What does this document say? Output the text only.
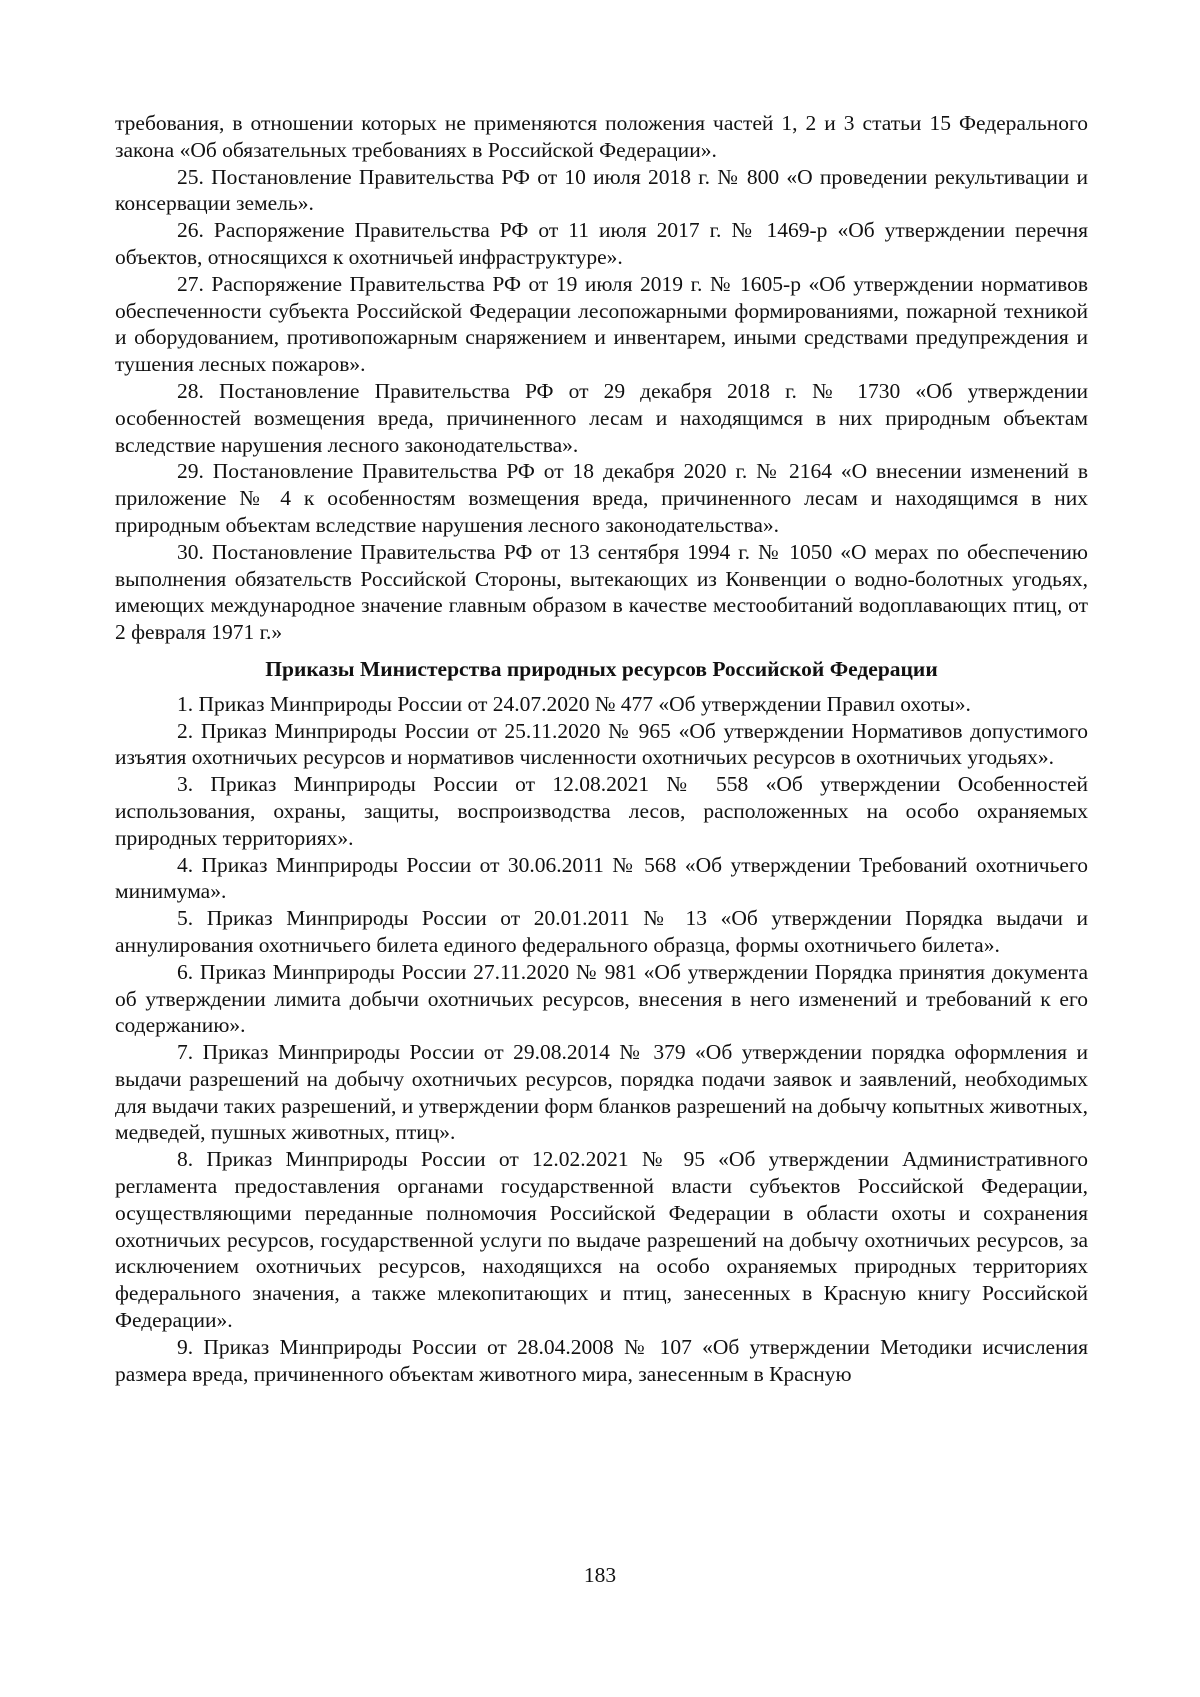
требования, в отношении которых не применяются положения частей 1, 2 и 3 статьи 15 Федерального закона «Об обязательных требованиях в Российской Федерации».

25. Постановление Правительства РФ от 10 июля 2018 г. № 800 «О проведении рекультивации и консервации земель».

26. Распоряжение Правительства РФ от 11 июля 2017 г. № 1469-р «Об утверждении перечня объектов, относящихся к охотничьей инфраструктуре».

27. Распоряжение Правительства РФ от 19 июля 2019 г. № 1605-р «Об утверждении нормативов обеспеченности субъекта Российской Федерации лесопожарными формированиями, пожарной техникой и оборудованием, противопожарным снаряжением и инвентарем, иными средствами предупреждения и тушения лесных пожаров».

28. Постановление Правительства РФ от 29 декабря 2018 г. № 1730 «Об утверждении особенностей возмещения вреда, причиненного лесам и находящимся в них природным объектам вследствие нарушения лесного законодательства».

29. Постановление Правительства РФ от 18 декабря 2020 г. № 2164 «О внесении изменений в приложение № 4 к особенностям возмещения вреда, причиненного лесам и находящимся в них природным объектам вследствие нарушения лесного законодательства».

30. Постановление Правительства РФ от 13 сентября 1994 г. № 1050 «О мерах по обеспечению выполнения обязательств Российской Стороны, вытекающих из Конвенции о водно-болотных угодьях, имеющих международное значение главным образом в качестве местообитаний водоплавающих птиц, от 2 февраля 1971 г.»

Приказы Министерства природных ресурсов Российской Федерации

1. Приказ Минприроды России от 24.07.2020 № 477 «Об утверждении Правил охоты».

2. Приказ Минприроды России от 25.11.2020 № 965 «Об утверждении Нормативов допустимого изъятия охотничьих ресурсов и нормативов численности охотничьих ресурсов в охотничьих угодьях».

3. Приказ Минприроды России от 12.08.2021 № 558 «Об утверждении Особенностей использования, охраны, защиты, воспроизводства лесов, расположенных на особо охраняемых природных территориях».

4. Приказ Минприроды России от 30.06.2011 № 568 «Об утверждении Требований охотничьего минимума».

5. Приказ Минприроды России от 20.01.2011 № 13 «Об утверждении Порядка выдачи и аннулирования охотничьего билета единого федерального образца, формы охотничьего билета».

6. Приказ Минприроды России 27.11.2020 № 981 «Об утверждении Порядка принятия документа об утверждении лимита добычи охотничьих ресурсов, внесения в него изменений и требований к его содержанию».

7. Приказ Минприроды России от 29.08.2014 № 379 «Об утверждении порядка оформления и выдачи разрешений на добычу охотничьих ресурсов, порядка подачи заявок и заявлений, необходимых для выдачи таких разрешений, и утверждении форм бланков разрешений на добычу копытных животных, медведей, пушных животных, птиц».

8. Приказ Минприроды России от 12.02.2021 № 95 «Об утверждении Административного регламента предоставления органами государственной власти субъектов Российской Федерации, осуществляющими переданные полномочия Российской Федерации в области охоты и сохранения охотничьих ресурсов, государственной услуги по выдаче разрешений на добычу охотничьих ресурсов, за исключением охотничьих ресурсов, находящихся на особо охраняемых природных территориях федерального значения, а также млекопитающих и птиц, занесенных в Красную книгу Российской Федерации».

9. Приказ Минприроды России от 28.04.2008 № 107 «Об утверждении Методики исчисления размера вреда, причиненного объектам животного мира, занесенным в Красную

183
